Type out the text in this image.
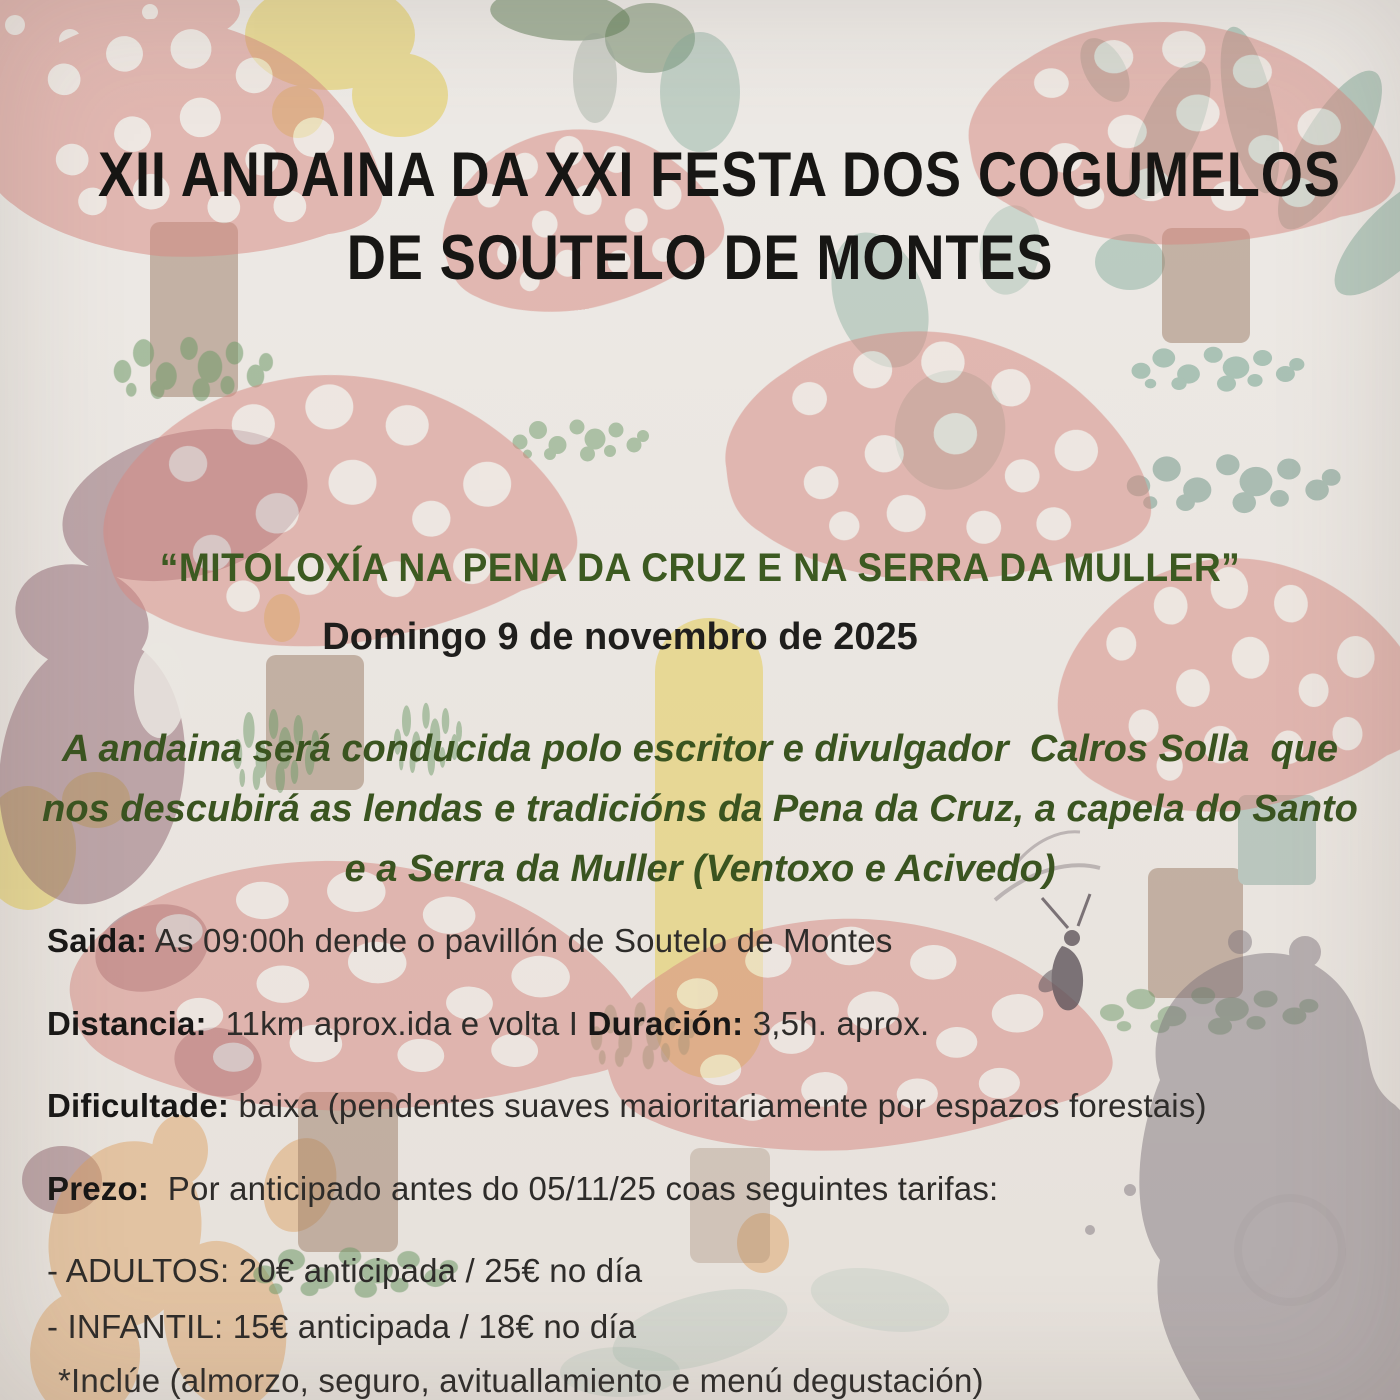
XII ANDAINA DA XXI FESTA DOS COGUMELOS
DE SOUTELO DE MONTES
“MITOLOXÍA NA PENA DA CRUZ E NA SERRA DA MULLER”
Domingo 9 de novembro de 2025
A andaina será conducida polo escritor e divulgador  Calros Solla  que
nos descubirá as lendas e tradicións da Pena da Cruz, a capela do Santo
e a Serra da Muller (Ventoxo e Acivedo)

Saida: As 09:00h dende o pavillón de Soutelo de Montes

Distancia:  11km aprox.ida e volta I Duración: 3,5h. aprox.

Dificultade: baixa (pendentes suaves maioritariamente por espazos forestais)

Prezo:  Por anticipado antes do 05/11/25 coas seguintes tarifas:

- ADULTOS: 20€ anticipada / 25€ no día

- INFANTIL: 15€ anticipada / 18€ no día

*Inclúe (almorzo, seguro, avituallamiento e menú degustación)
